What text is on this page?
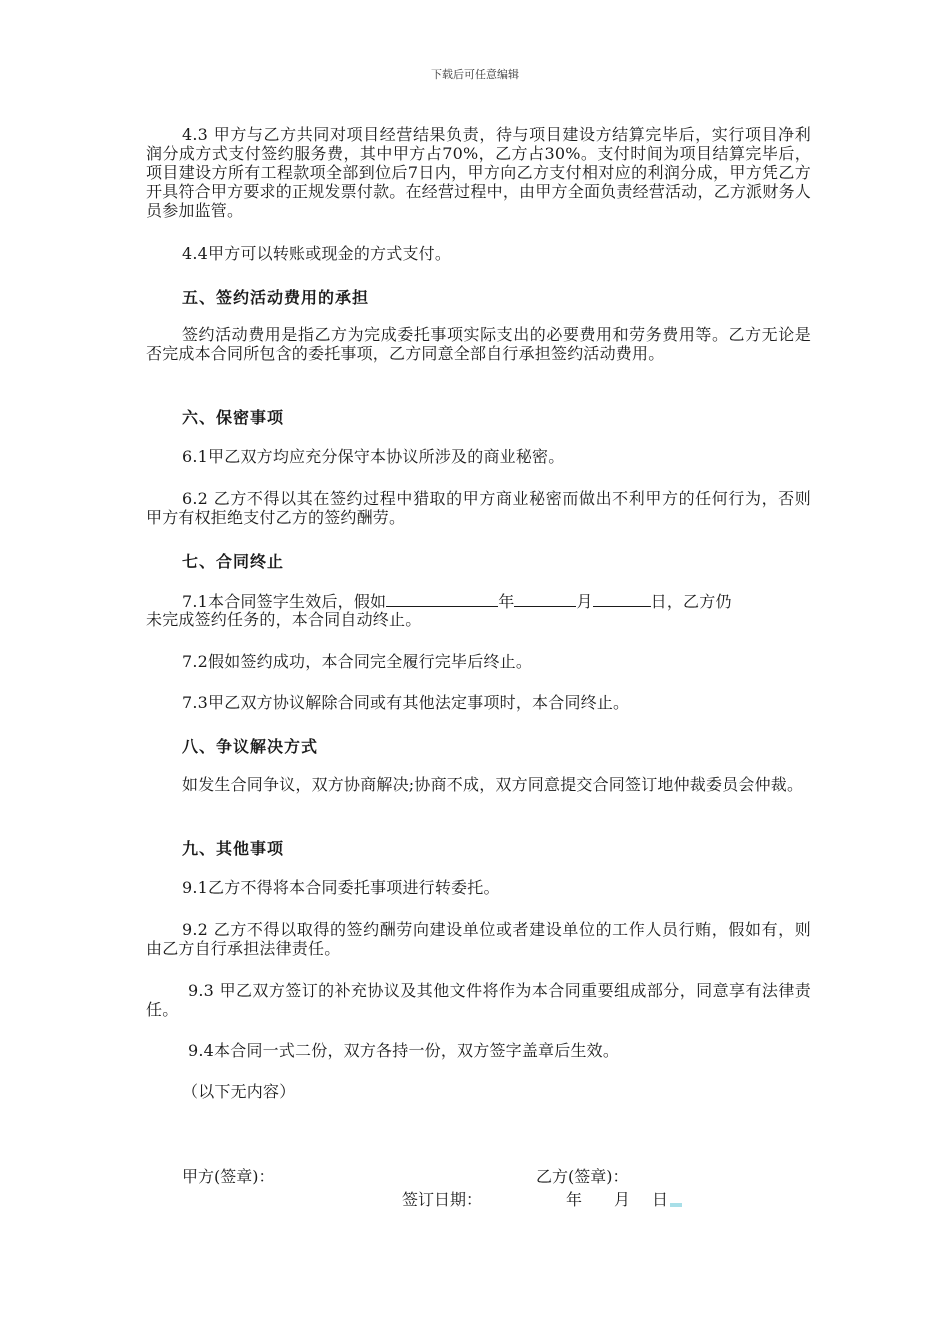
下载后可任意编辑
4.3 甲方与乙方共同对项目经营结果负责，待与项目建设方结算完毕后，实行项目净利润分成方式支付签约服务费，其中甲方占70%，乙方占30%。支付时间为项目结算完毕后，项目建设方所有工程款项全部到位后7日内，甲方向乙方支付相对应的利润分成，甲方凭乙方开具符合甲方要求的正规发票付款。在经营过程中，由甲方全面负责经营活动，乙方派财务人员参加监管。
4.4甲方可以转账或现金的方式支付。
五、签约活动费用的承担
签约活动费用是指乙方为完成委托事项实际支出的必要费用和劳务费用等。乙方无论是否完成本合同所包含的委托事项，乙方同意全部自行承担签约活动费用。
六、保密事项
6.1甲乙双方均应充分保守本协议所涉及的商业秘密。
6.2 乙方不得以其在签约过程中猎取的甲方商业秘密而做出不利甲方的任何行为，否则甲方有权拒绝支付乙方的签约酬劳。
七、合同终止
7.1本合同签字生效后，假如	年	月	日，乙方仍
未完成签约任务的，本合同自动终止。
7.2假如签约成功，本合同完全履行完毕后终止。
7.3甲乙双方协议解除合同或有其他法定事项时，本合同终止。
八、争议解决方式
如发生合同争议，双方协商解决;协商不成，双方同意提交合同签订地仲裁委员会仲裁。
九、其他事项
9.1乙方不得将本合同委托事项进行转委托。
9.2 乙方不得以取得的签约酬劳向建设单位或者建设单位的工作人员行贿，假如有，则由乙方自行承担法律责任。
9.3 甲乙双方签订的补充协议及其他文件将作为本合同重要组成部分，同意享有法律责任。
9.4本合同一式二份，双方各持一份，双方签字盖章后生效。
（以下无内容）
甲方(签章)：	乙方(签章)：
签订日期：	年 月 日
